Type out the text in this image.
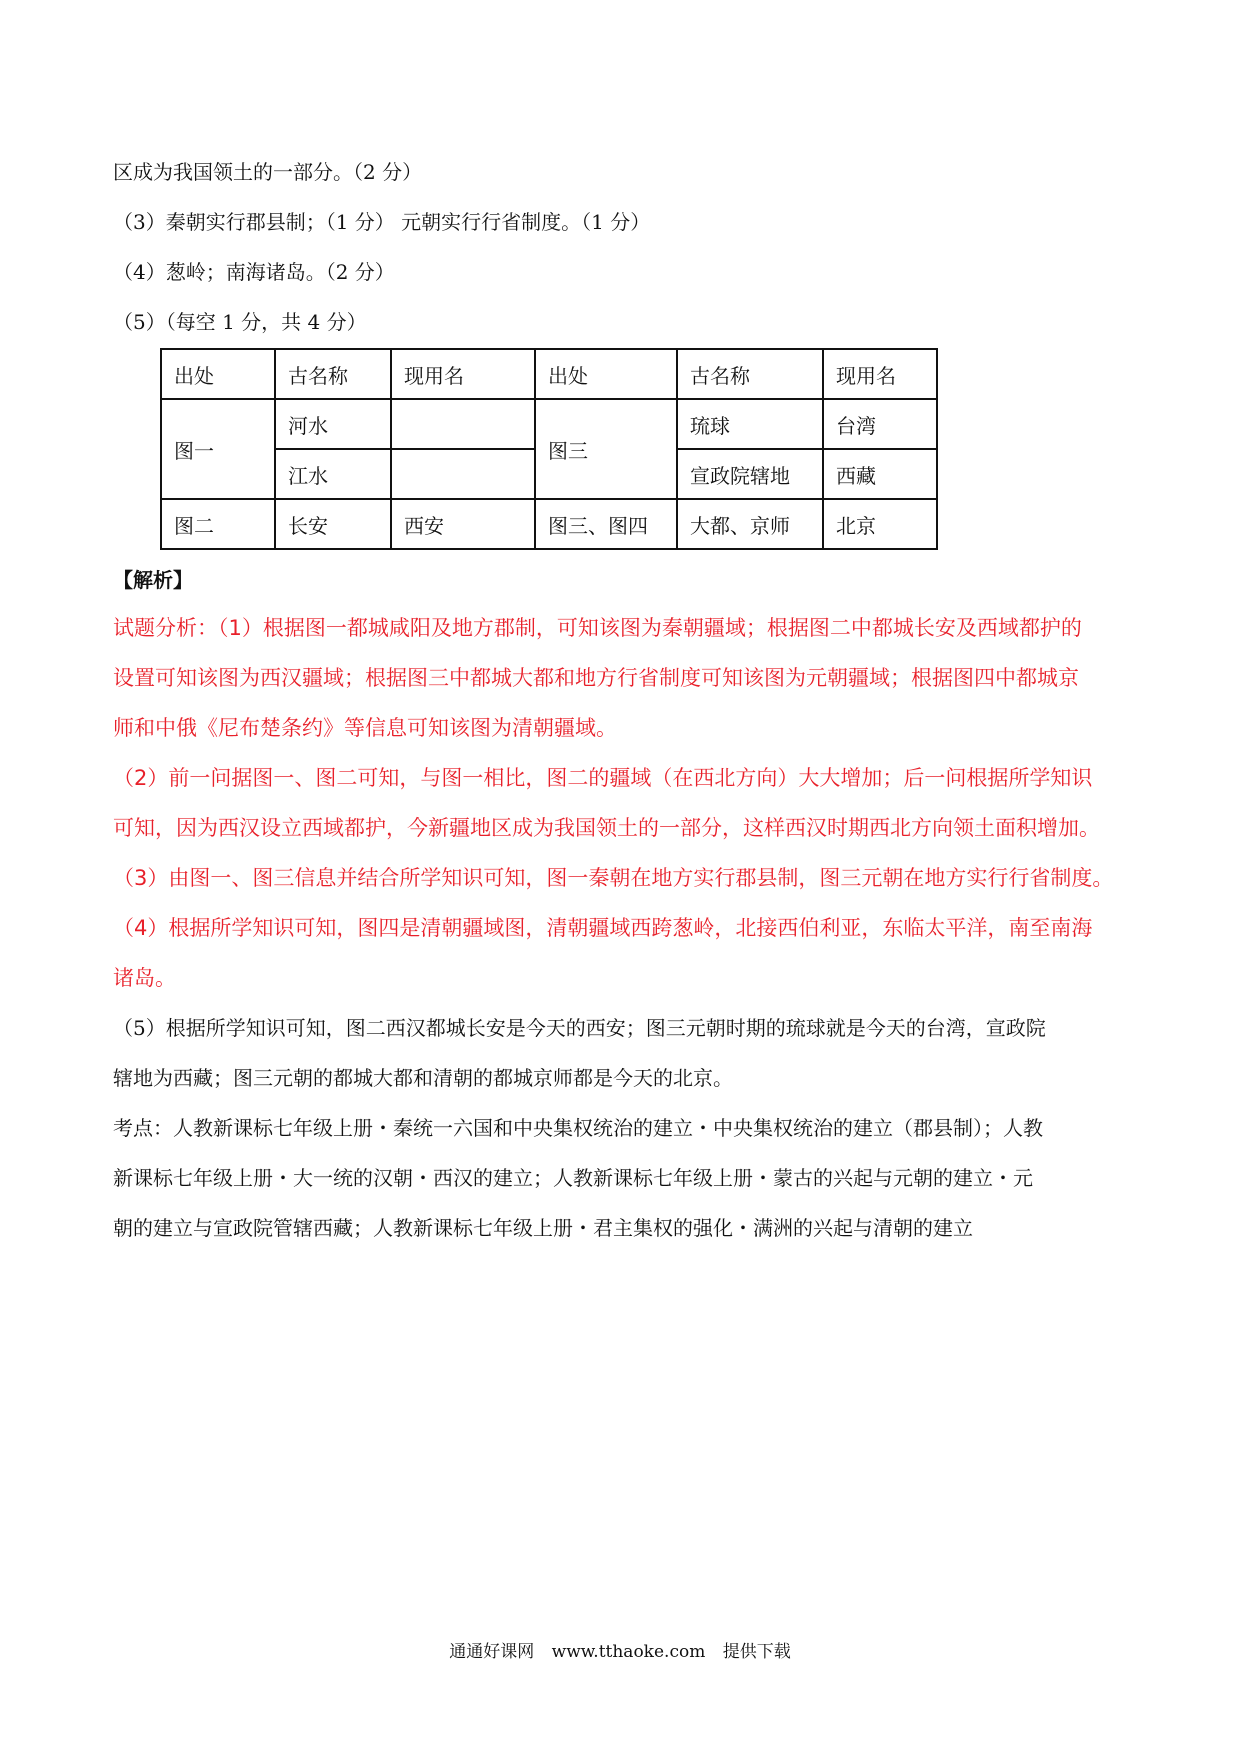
区成为我国领土的一部分。（2 分）
（3）秦朝实行郡县制；（1 分） 元朝实行行省制度。（1 分）
（4）葱岭；南海诸岛。（2 分）
（5）（每空 1 分，共 4 分）
出处	古名称	现用名	出处	古名称	现用名
图一	河水		图三	琉球	台湾
	江水			宣政院辖地	西藏
图二	长安	西安	图三、图四	大都、京师	北京
【解析】
试题分析：（1）根据图一都城咸阳及地方郡制，可知该图为秦朝疆域；根据图二中都城长安及西域都护的
设置可知该图为西汉疆域；根据图三中都城大都和地方行省制度可知该图为元朝疆域；根据图四中都城京
师和中俄《尼布楚条约》等信息可知该图为清朝疆域。
（2）前一问据图一、图二可知，与图一相比，图二的疆域（在西北方向）大大增加；后一问根据所学知识
可知，因为西汉设立西域都护，今新疆地区成为我国领土的一部分，这样西汉时期西北方向领土面积增加。
（3）由图一、图三信息并结合所学知识可知，图一秦朝在地方实行郡县制，图三元朝在地方实行行省制度。
（4）根据所学知识可知，图四是清朝疆域图，清朝疆域西跨葱岭，北接西伯利亚，东临太平洋，南至南海
诸岛。
（5）根据所学知识可知，图二西汉都城长安是今天的西安；图三元朝时期的琉球就是今天的台湾，宣政院
辖地为西藏；图三元朝的都城大都和清朝的都城京师都是今天的北京。
考点：人教新课标七年级上册・秦统一六国和中央集权统治的建立・中央集权统治的建立（郡县制）；人教
新课标七年级上册・大一统的汉朝・西汉的建立；人教新课标七年级上册・蒙古的兴起与元朝的建立・元
朝的建立与宣政院管辖西藏；人教新课标七年级上册・君主集权的强化・满洲的兴起与清朝的建立
通通好课网 www.tthaoke.com 提供下载
